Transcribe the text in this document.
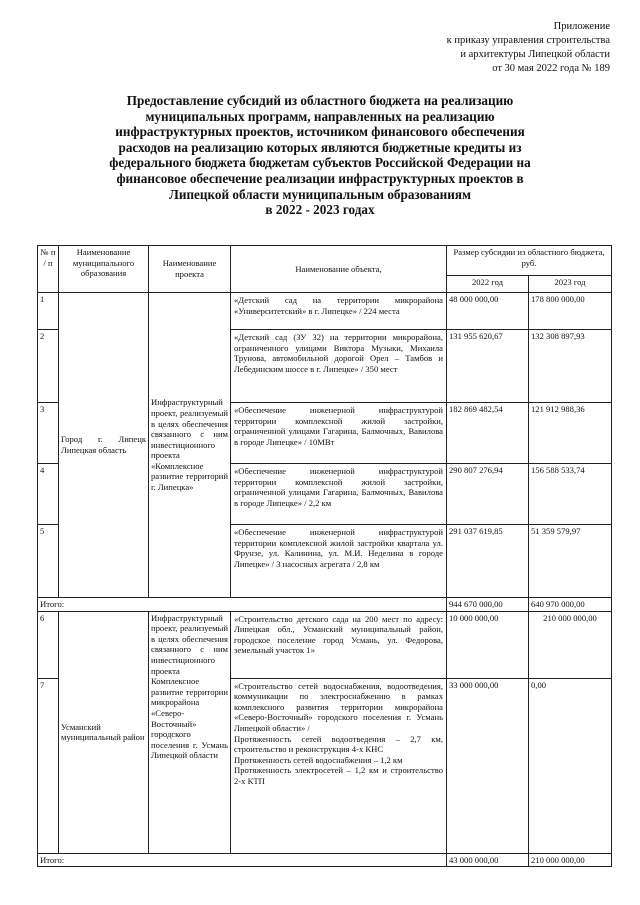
Приложение
к приказу управления строительства
и архитектуры Липецкой области
от 30 мая 2022 года № 189
Предоставление субсидий из областного бюджета на реализацию
муниципальных программ, направленных на реализацию
инфраструктурных проектов, источником финансового обеспечения
расходов на реализацию которых являются бюджетные кредиты из
федерального бюджета бюджетам субъектов Российской Федерации на
финансовое обеспечение реализации инфраструктурных проектов в
Липецкой области муниципальным образованиям
в 2022 - 2023 годах
№ п / п	Наименование муниципального образования	Наименование проекта	Наименование объекта,	Размер субсидии из областного бюджета, руб.	
				2022 год	2023 год
1	Город г. Липецк Липецкая область	Инфраструктурный проект, реализуемый в целях обеспечения связанного с ним инвестиционного проекта «Комплексное развитие территорий г. Липецка»	«Детский сад на территории микрорайона «Университетский» в г. Липецке» / 224 места	48 000 000,00	178 800 000,00
2			«Детский сад (ЗУ 32) на территории микрорайона, ограниченного улицами Виктора Музыки, Михаила Трунова, автомобильной дорогой Орел – Тамбов и Лебединским шоссе в г. Липецке» / 350 мест	131 955 620,67	132 308 897,93
3			«Обеспечение инженерной инфраструктурой территории комплексной жилой застройки, ограниченной улицами Гагарина, Балмочных, Вавилова в городе Липецке» / 10МВт	182 869 482,54	121 912 988,36
4			«Обеспечение инженерной инфраструктурой территории комплексной жилой застройки, ограниченной улицами Гагарина, Балмочных, Вавилова в городе Липецке» / 2,2 км	290 807 276,94	156 588 533,74
5			«Обеспечение инженерной инфраструктурой территории комплексной жилой застройки квартала ул. Фрунзе, ул. Калинина, ул. М.И. Неделина в городе Липецке» / 3 насосных агрегата / 2,8 км	291 037 619,85	51 359 579,97
Итого:				944 670 000,00	640 970 000,00
6	Усманский муниципальный район	Инфраструктурный проект, реализуемый в целях обеспечения связанного с ним инвестиционного проекта Комплексное развитие территории микрорайона «Северо-Восточный» городского поселения г. Усмань Липецкой области	«Строительство детского сада на 200 мест по адресу: Липецкая обл., Усманский муниципальный район, городское поселение город Усмань, ул. Федорова, земельный участок 1»	10 000 000,00	210 000 000,00
7			«Строительство сетей водоснабжения, водоотведения, коммуникации по электроснабжению в рамках комплексного развития территории микрорайона «Северо-Восточный» городского поселения г. Усмань Липецкой области» /
Протяженность сетей водоотведения – 2,7 км, строительство и реконструкция 4-х КНС
Протяженность сетей водоснабжения – 1,2 км
Протяженность электросетей – 1,2 км и строительство 2-х КТП	33 000 000,00	0,00
Итого:				43 000 000,00	210 000 000,00
